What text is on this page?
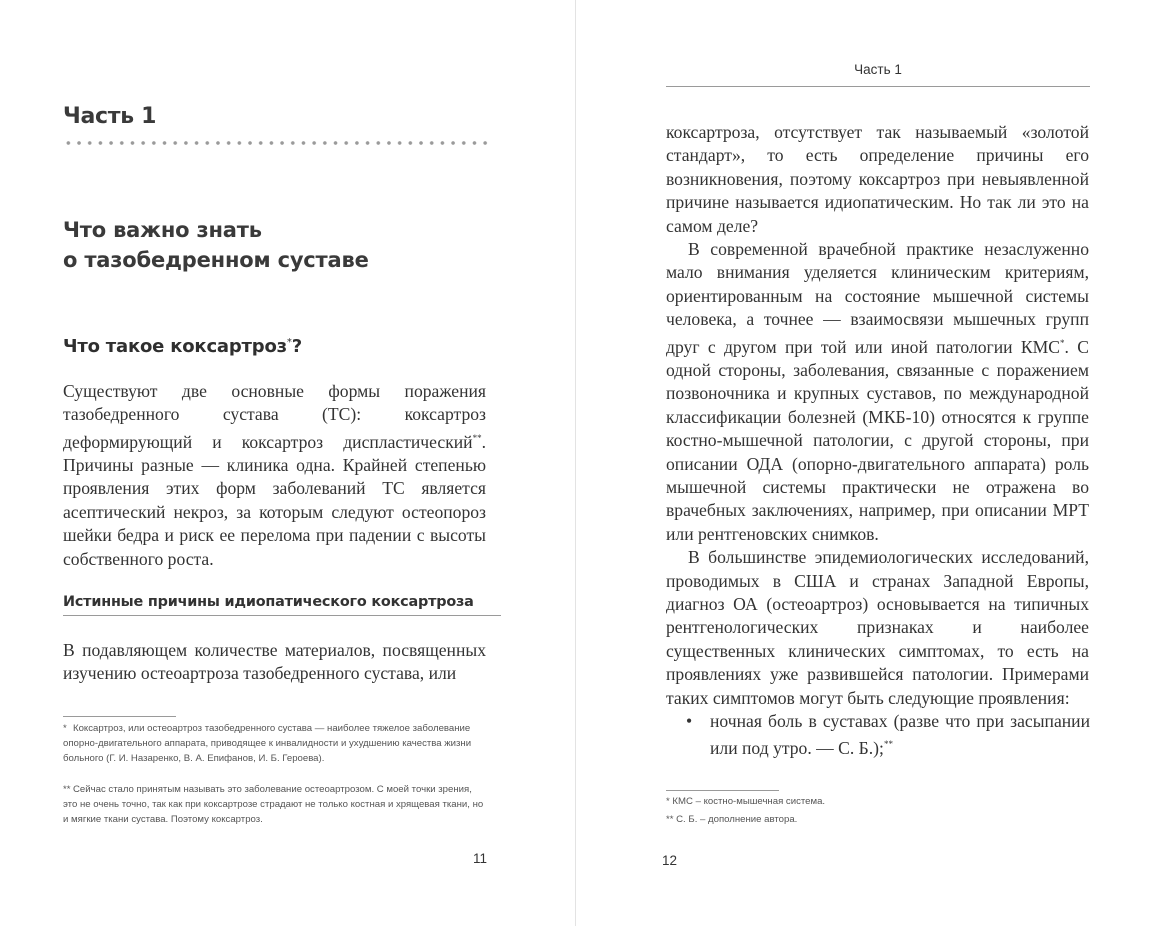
Часть 1
Что важно знать
о тазобедренном суставе
Что такое коксартроз*?

Существуют две основные формы поражения тазобедренного сустава (ТС): коксартроз деформирующий и коксартроз диспластический**. Причины разные — клиника одна. Крайней степенью проявления этих форм заболеваний ТС является асептический некроз, за которым следуют остеопороз шейки бедра и риск ее перелома при падении с высоты собственного роста.

Истинные причины идиопатического коксартроза

В подавляющем количестве материалов, посвященных изучению остеоартроза тазобедренного сустава, или

* Коксартроз, или остеоартроз тазобедренного сустава — наиболее тяжелое заболевание опорно-двигательного аппарата, приводящее к инвалидности и ухудшению качества жизни больного (Г. И. Назаренко, В. А. Епифанов, И. Б. Героева).

** Сейчас стало принятым называть это заболевание остеоартрозом. С моей точки зрения, это не очень точно, так как при коксартрозе страдают не только костная и хрящевая ткани, но и мягкие ткани сустава. Поэтому коксартроз.

11
Часть 1

коксартроза, отсутствует так называемый «золотой стандарт», то есть определение причины его возникновения, поэтому коксартроз при невыявленной причине называется идиопатическим. Но так ли это на самом деле?

В современной врачебной практике незаслуженно мало внимания уделяется клиническим критериям, ориентированным на состояние мышечной системы человека, а точнее — взаимосвязи мышечных групп друг с другом при той или иной патологии КМС*. С одной стороны, заболевания, связанные с поражением позвоночника и крупных суставов, по международной классификации болезней (МКБ-10) относятся к группе костно-мышечной патологии, с другой стороны, при описании ОДА (опорно-двигательного аппарата) роль мышечной системы практически не отражена во врачебных заключениях, например, при описании МРТ или рентгеновских снимков.

В большинстве эпидемиологических исследований, проводимых в США и странах Западной Европы, диагноз ОА (остеоартроз) основывается на типичных рентгенологических признаках и наиболее существенных клинических симптомах, то есть на проявлениях уже развившейся патологии. Примерами таких симптомов могут быть следующие проявления:

• ночная боль в суставах (разве что при засыпании или под утро. — С. Б.);**

* КМС – костно-мышечная система.

** С. Б. – дополнение автора.

12
